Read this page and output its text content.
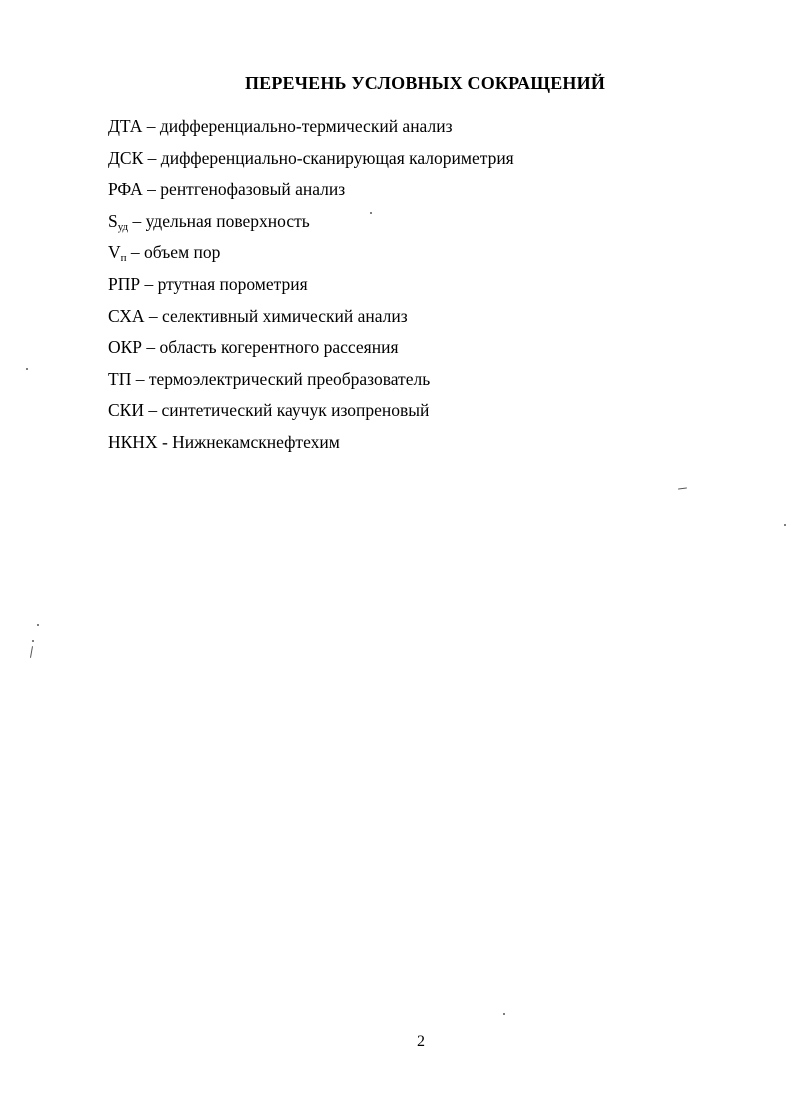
ПЕРЕЧЕНЬ УСЛОВНЫХ СОКРАЩЕНИЙ
ДТА – дифференциально-термический анализ
ДСК – дифференциально-сканирующая калориметрия
РФА – рентгенофазовый анализ
$S_{уд}$ – удельная поверхность
$V_п$ – объем пор
РПР – ртутная порометрия
СХА – селективный химический анализ
ОКР – область когерентного рассеяния
ТП – термоэлектрический преобразователь
СКИ – синтетический каучук изопреновый
НКНХ - Нижнекамскнефтехим
2
